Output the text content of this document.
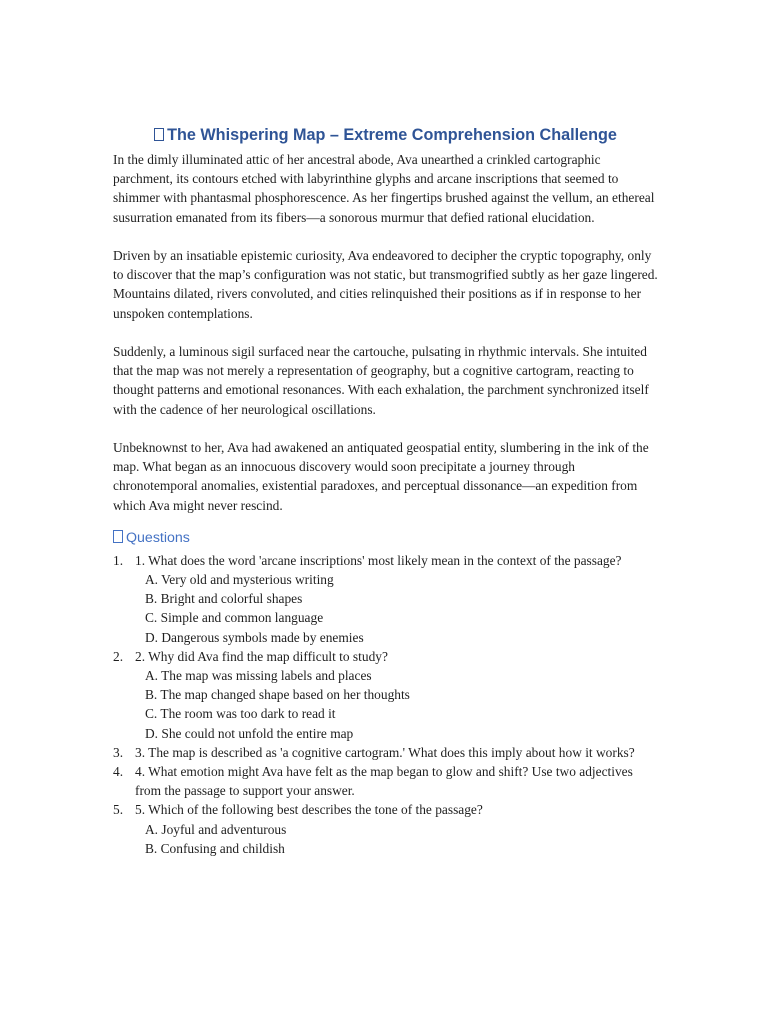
The Whispering Map – Extreme Comprehension Challenge

In the dimly illuminated attic of her ancestral abode, Ava unearthed a crinkled cartographic parchment, its contours etched with labyrinthine glyphs and arcane inscriptions that seemed to shimmer with phantasmal phosphorescence. As her fingertips brushed against the vellum, an ethereal susurration emanated from its fibers—a sonorous murmur that defied rational elucidation.

Driven by an insatiable epistemic curiosity, Ava endeavored to decipher the cryptic topography, only to discover that the map’s configuration was not static, but transmogrified subtly as her gaze lingered. Mountains dilated, rivers convoluted, and cities relinquished their positions as if in response to her unspoken contemplations.

Suddenly, a luminous sigil surfaced near the cartouche, pulsating in rhythmic intervals. She intuited that the map was not merely a representation of geography, but a cognitive cartogram, reacting to thought patterns and emotional resonances. With each exhalation, the parchment synchronized itself with the cadence of her neurological oscillations.

Unbeknownst to her, Ava had awakened an antiquated geospatial entity, slumbering in the ink of the map. What began as an innocuous discovery would soon precipitate a journey through chronotemporal anomalies, existential paradoxes, and perceptual dissonance—an expedition from which Ava might never rescind.

Questions
1. 1. What does the word 'arcane inscriptions' most likely mean in the context of the passage?
A. Very old and mysterious writing
B. Bright and colorful shapes
C. Simple and common language
D. Dangerous symbols made by enemies
2. 2. Why did Ava find the map difficult to study?
A. The map was missing labels and places
B. The map changed shape based on her thoughts
C. The room was too dark to read it
D. She could not unfold the entire map
3. 3. The map is described as 'a cognitive cartogram.' What does this imply about how it works?
4. 4. What emotion might Ava have felt as the map began to glow and shift? Use two adjectives from the passage to support your answer.
5. 5. Which of the following best describes the tone of the passage?
A. Joyful and adventurous
B. Confusing and childish
